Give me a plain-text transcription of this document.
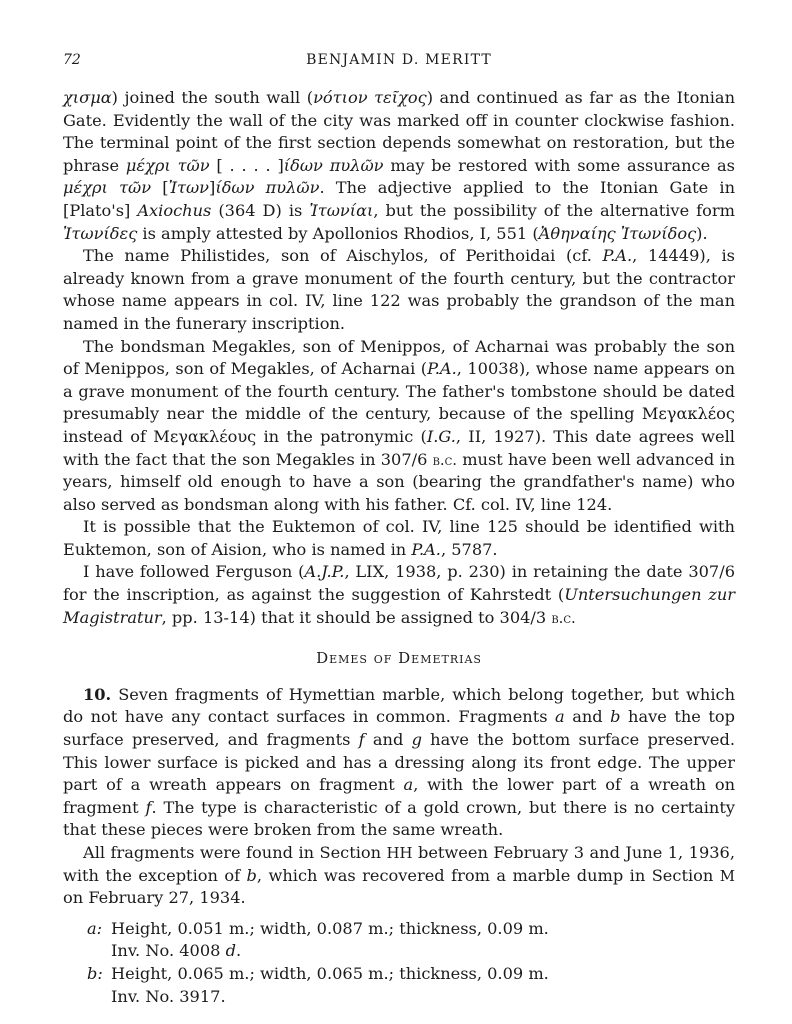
72	BENJAMIN D. MERITT

χισμα) joined the south wall (νότιον τεῖχος) and continued as far as the Itonian Gate. Evidently the wall of the city was marked off in counter clockwise fashion. The terminal point of the first section depends somewhat on restoration, but the phrase μέχρι τῶν [ . . . . ]ίδων πυλῶν may be restored with some assurance as μέχρι τῶν [Ἰτων]ίδων πυλῶν. The adjective applied to the Itonian Gate in [Plato's] Axiochus (364 D) is Ἰτωνίαι, but the possibility of the alternative form Ἰτωνίδες is amply attested by Apollonios Rhodios, I, 551 (Ἀθηναίης Ἰτωνίδος).

The name Philistides, son of Aischylos, of Perithoidai (cf. P.A., 14449), is already known from a grave monument of the fourth century, but the contractor whose name appears in col. IV, line 122 was probably the grandson of the man named in the funerary inscription.

The bondsman Megakles, son of Menippos, of Acharnai was probably the son of Menippos, son of Megakles, of Acharnai (P.A., 10038), whose name appears on a grave monument of the fourth century. The father's tombstone should be dated presumably near the middle of the century, because of the spelling Μεγακλέος instead of Μεγακλέους in the patronymic (I.G., II, 1927). This date agrees well with the fact that the son Megakles in 307/6 b.c. must have been well advanced in years, himself old enough to have a son (bearing the grandfather's name) who also served as bondsman along with his father. Cf. col. IV, line 124.

It is possible that the Euktemon of col. IV, line 125 should be identified with Euktemon, son of Aision, who is named in P.A., 5787.

I have followed Ferguson (A.J.P., LIX, 1938, p. 230) in retaining the date 307/6 for the inscription, as against the suggestion of Kahrstedt (Untersuchungen zur Magistratur, pp. 13-14) that it should be assigned to 304/3 b.c.

Demes of Demetrias

10. Seven fragments of Hymettian marble, which belong together, but which do not have any contact surfaces in common. Fragments a and b have the top surface preserved, and fragments f and g have the bottom surface preserved. This lower surface is picked and has a dressing along its front edge. The upper part of a wreath appears on fragment a, with the lower part of a wreath on fragment f. The type is characteristic of a gold crown, but there is no certainty that these pieces were broken from the same wreath.

All fragments were found in Section HH between February 3 and June 1, 1936, with the exception of b, which was recovered from a marble dump in Section M on February 27, 1934.

a: Height, 0.051 m.; width, 0.087 m.; thickness, 0.09 m.
Inv. No. 4008 d.
b: Height, 0.065 m.; width, 0.065 m.; thickness, 0.09 m.
Inv. No. 3917.
